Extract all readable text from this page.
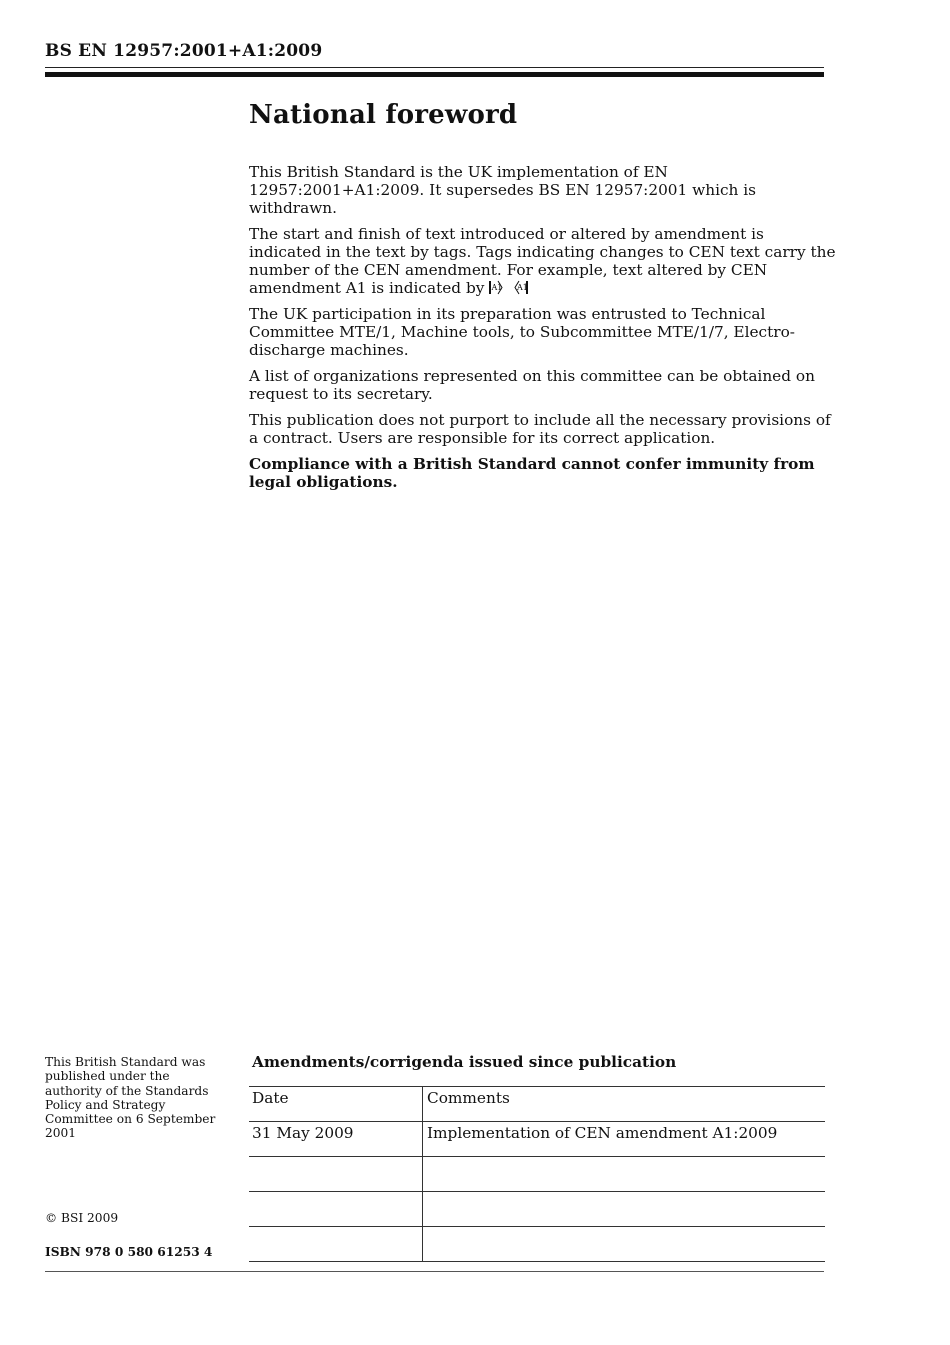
BS EN 12957:2001+A1:2009
National foreword

This British Standard is the UK implementation of EN 12957:2001+A1:2009. It supersedes BS EN 12957:2001 which is withdrawn.

The start and finish of text introduced or altered by amendment is indicated in the text by tags. Tags indicating changes to CEN text carry the number of the CEN amendment. For example, text altered by CEN amendment A1 is indicated by A1
A1

The UK participation in its preparation was entrusted to Technical Committee MTE/1, Machine tools, to Subcommittee MTE/1/7, Electro-discharge machines.

A list of organizations represented on this committee can be obtained on request to its secretary.

This publication does not purport to include all the necessary provisions of a contract. Users are responsible for its correct application.

Compliance with a British Standard cannot confer immunity from legal obligations.

This British Standard was published under the authority of the Standards Policy and Strategy Committee on 6 September 2001
© BSI 2009
ISBN 978 0 580 61253 4
Amendments/corrigenda issued since publication
Date	Comments
31 May 2009	Implementation of CEN amendment A1:2009
